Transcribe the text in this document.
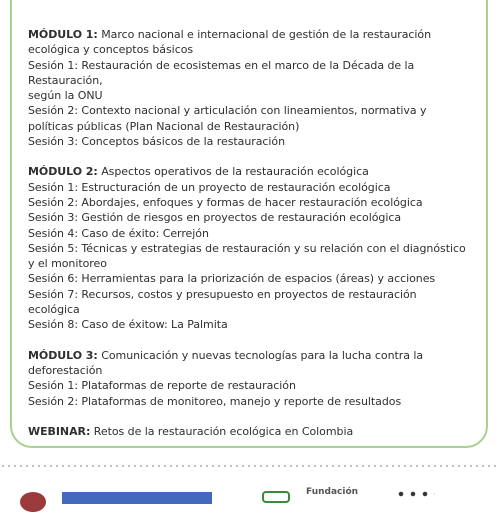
MÓDULO 1: Marco nacional e internacional de gestión de la restauración ecológica y conceptos básicos
Sesión 1: Restauración de ecosistemas en el marco de la Década de la Restauración,
según la ONU
Sesión 2: Contexto nacional y articulación con lineamientos, normativa y políticas públicas (Plan Nacional de Restauración)
Sesión 3: Conceptos básicos de la restauración
MÓDULO 2: Aspectos operativos de la restauración ecológica
Sesión 1: Estructuración de un proyecto de restauración ecológica
Sesión 2: Abordajes, enfoques y formas de hacer restauración ecológica
Sesión 3: Gestión de riesgos en proyectos de restauración ecológica
Sesión 4: Caso de éxito: Cerrejón
Sesión 5: Técnicas y estrategias de restauración y su relación con el diagnóstico y el monitoreo
Sesión 6: Herramientas para la priorización de espacios (áreas) y acciones
Sesión 7: Recursos, costos y presupuesto en proyectos de restauración ecológica
Sesión 8: Caso de éxitow: La Palmita
MÓDULO 3: Comunicación y nuevas tecnologías para la lucha contra la deforestación
Sesión 1: Plataformas de reporte de restauración
Sesión 2: Plataformas de monitoreo, manejo y reporte de resultados
WEBINAR: Retos de la restauración ecológica en Colombia
Fundación
